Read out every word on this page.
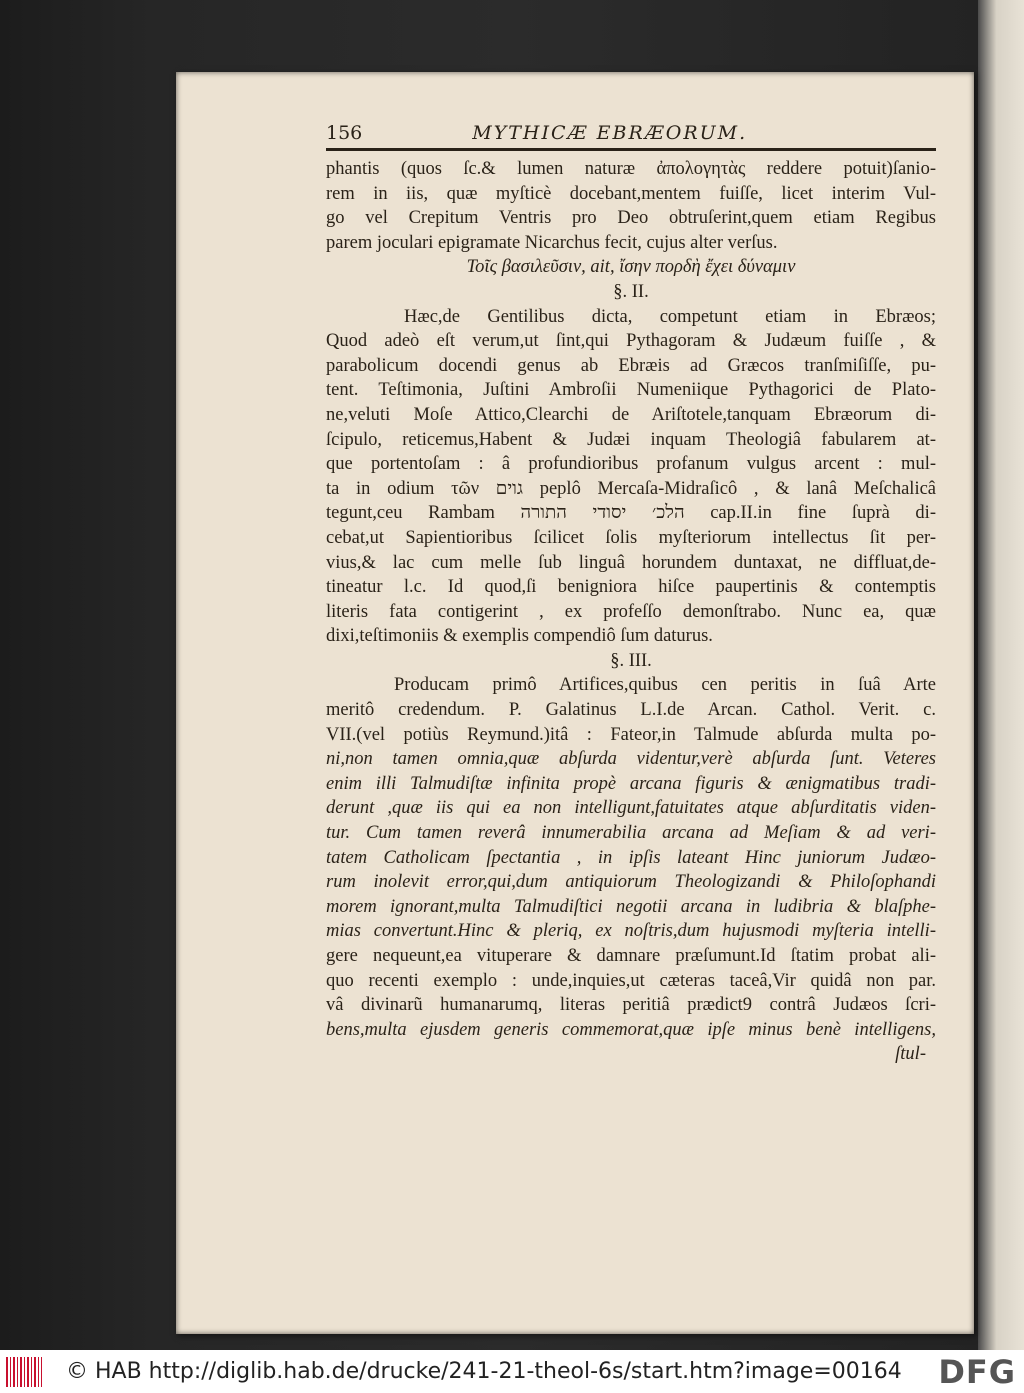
156	MYTHICÆ EBRÆORUM.
phantis (quos ſc.& lumen naturæ ἀπολογητὰς reddere potuit)ſanio-
rem in iis, quæ myſticè docebant,mentem fuiſſe, licet interim Vul-
go vel Crepitum Ventris pro Deo obtruſerint,quem etiam Regibus
parem joculari epigramate Nicarchus fecit, cujus alter verſus.
Τοῖς βασιλεῦσιν, ait, ἴσην πορδὴ ἔχει δύναμιν
§. II.
Hæc,de Gentilibus dicta, competunt etiam in Ebræos;
Quod adeò eſt verum,ut ſint,qui Pythagoram & Judæum fuiſſe , &
parabolicum docendi genus ab Ebræis ad Græcos tranſmiſiſſe, pu-
tent. Teſtimonia, Juſtini Ambroſii Numeniique Pythagorici de Plato-
ne,veluti Moſe Attico,Clearchi de Ariſtotele,tanquam Ebræorum di-
ſcipulo, reticemus,Habent & Judæi inquam Theologiâ fabularem at-
que portentoſam : â profundioribus profanum vulgus arcent : mul-
ta in odium τῶν גוים peplô Mercaſa-Midraſicô , & lanâ Meſchalicâ
tegunt,ceu Rambam הלכ׳ יסודי התורה cap.II.in fine ſuprà di-
cebat,ut Sapientioribus ſcilicet ſolis myſteriorum intellectus ſit per-
vius,& lac cum melle ſub linguâ horundem duntaxat, ne diffluat,de-
tineatur l.c. Id quod,ſi benigniora hiſce paupertinis & contemptis
literis fata contigerint , ex profeſſo demonſtrabo. Nunc ea, quæ
dixi,teſtimoniis & exemplis compendiô ſum daturus.
§. III.
Producam primô Artifices,quibus cen peritis in ſuâ Arte
meritô credendum. P. Galatinus L.I.de Arcan. Cathol. Verit. c.
VII.(vel potiùs Reymund.)itâ : Fateor,in Talmude abſurda multa po-
ni,non tamen omnia,quæ abſurda videntur,verè abſurda ſunt. Veteres
enim illi Talmudiſtæ infinita propè arcana figuris & ænigmatibus tradi-
derunt ,quæ iis qui ea non intelligunt,fatuitates atque abſurditatis viden-
tur. Cum tamen reverâ innumerabilia arcana ad Meſiam & ad veri-
tatem Catholicam ſpectantia , in ipſis lateant Hinc juniorum Judæo-
rum inolevit error,qui,dum antiquiorum Theologizandi & Philoſophandi
morem ignorant,multa Talmudiſtici negotii arcana in ludibria & blaſphe-
mias convertunt.Hinc & pleriq, ex noſtris,dum hujusmodi myſteria intelli-
gere nequeunt,ea vituperare & damnare præſumunt.Id ſtatim probat ali-
quo recenti exemplo : unde,inquies,ut cæteras taceâ,Vir quidâ non par.
vâ divinarũ humanarumq, literas peritiâ prædict9 contrâ Judæos ſcri-
bens,multa ejusdem generis commemorat,quæ ipſe minus benè intelligens,
ſtul-
© HAB http://diglib.hab.de/drucke/241-21-theol-6s/start.htm?image=00164	DFG
